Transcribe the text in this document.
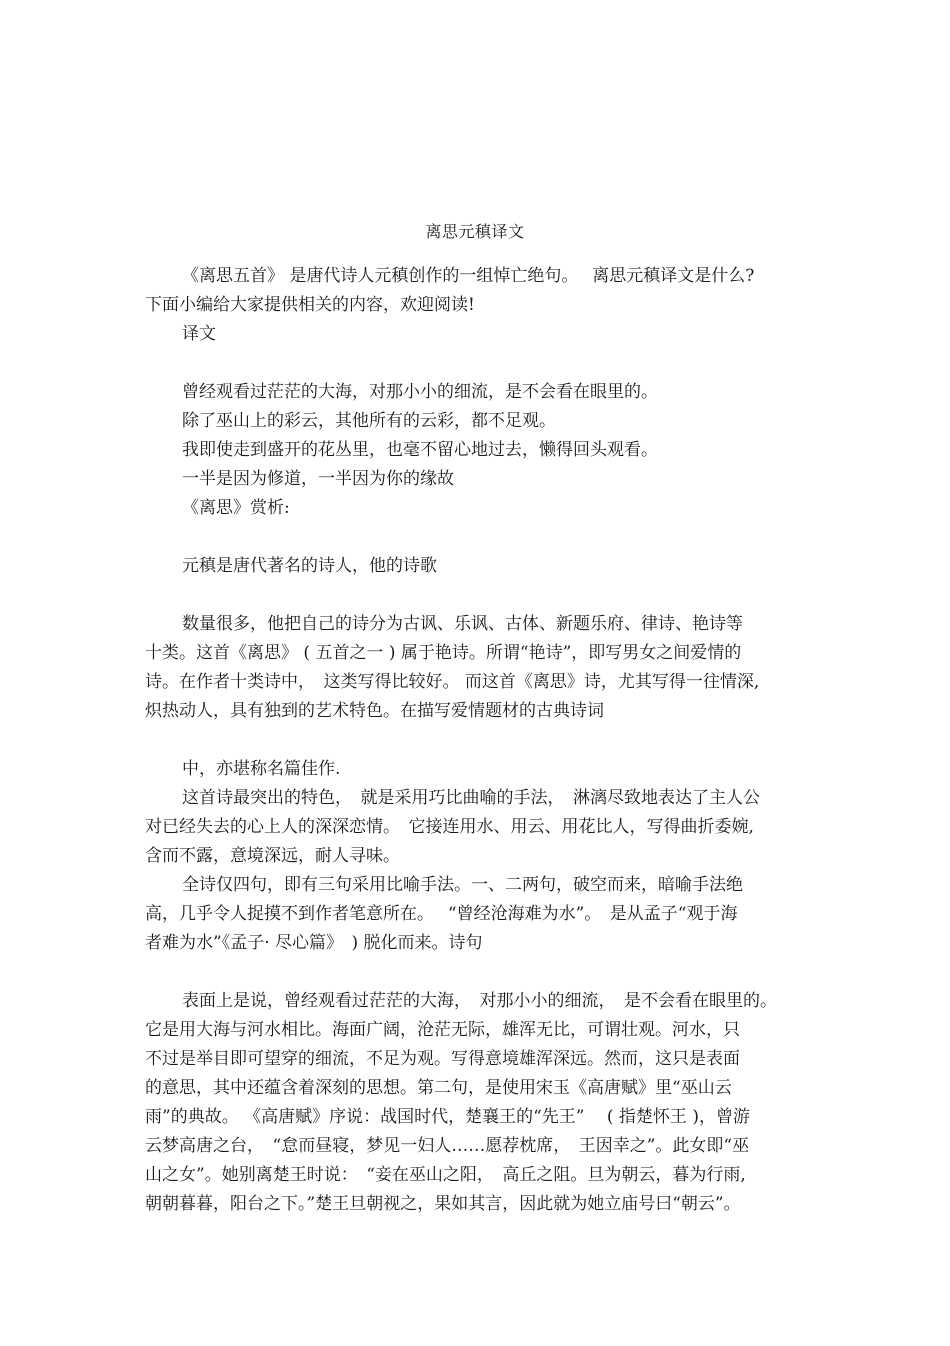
离思元稹译文

《离思五首》 是唐代诗人元稹创作的一组悼亡绝句。　 离思元稹译文是什么?

下面小编给大家提供相关的内容，欢迎阅读!

译文

曾经观看过茫茫的大海，对那小小的细流，是不会看在眼里的。

除了巫山上的彩云，其他所有的云彩，都不足观。

我即使走到盛开的花丛里，也毫不留心地过去，懒得回头观看。

一半是因为修道，一半因为你的缘故

《离思》赏析:

元稹是唐代著名的诗人，他的诗歌

数量很多，他把自己的诗分为古讽、乐讽、古体、新题乐府、律诗、艳诗等

十类。这首《离思》 ( 五首之一 ) 属于艳诗。所谓“艳诗”，即写男女之间爱情的

诗。在作者十类诗中，　这类写得比较好。 而这首《离思》诗，尤其写得一往情深,

炽热动人，具有独到的艺术特色。在描写爱情题材的古典诗词

中，亦堪称名篇佳作.

这首诗最突出的特色，　就是采用巧比曲喻的手法，　淋漓尽致地表达了主人公

对已经失去的心上人的深深恋情。　它接连用水、用云、用花比人，写得曲折委婉,

含而不露，意境深远，耐人寻味。

全诗仅四句，即有三句采用比喻手法。一、二两句，破空而来，暗喻手法绝

高，几乎令人捉摸不到作者笔意所在。　 “曾经沧海难为水”。　是从孟子“观于海

者难为水”《孟子· 尽心篇》　) 脱化而来。诗句

表面上是说，曾经观看过茫茫的大海，　对那小小的细流，　是不会看在眼里的。

它是用大海与河水相比。海面广阔，沧茫无际，雄浑无比，可谓壮观。河水，只

不过是举目即可望穿的细流，不足为观。写得意境雄浑深远。然而，这只是表面

的意思，其中还蕴含着深刻的思想。第二句，是使用宋玉《高唐赋》里“巫山云

雨”的典故。 《高唐赋》序说：战国时代，楚襄王的“先王”　 ( 指楚怀王 )，曾游

云梦高唐之台，　“怠而昼寝，梦见一妇人……愿荐枕席，　王因幸之”。此女即“巫

山之女”。她别离楚王时说：　“妾在巫山之阳，　高丘之阻。旦为朝云，暮为行雨,

朝朝暮暮，阳台之下。”楚王旦朝视之，果如其言，因此就为她立庙号曰“朝云”。
